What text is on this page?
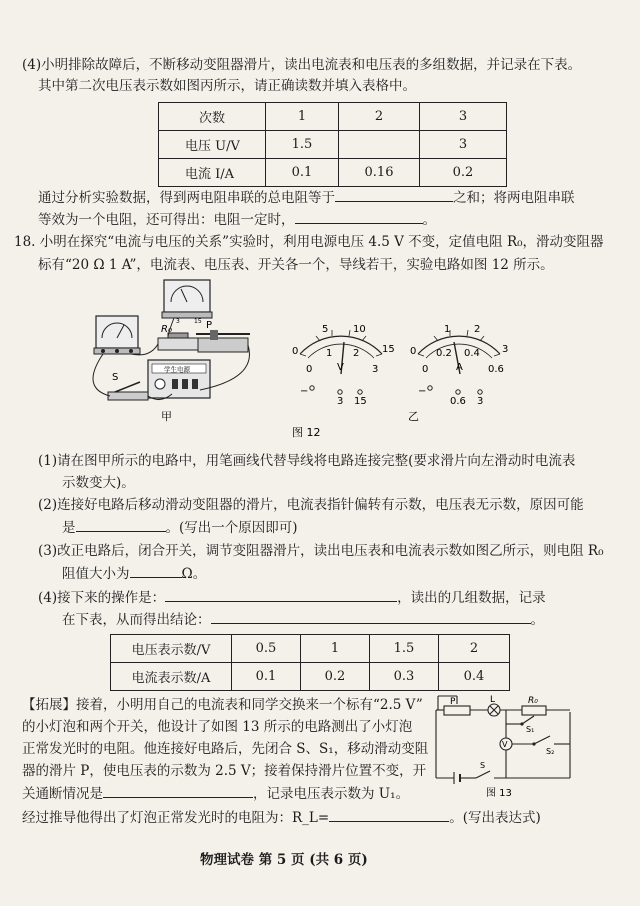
(4)小明排除故障后，不断移动变阻器滑片，读出电流表和电压表的多组数据，并记录在下表。
其中第二次电压表示数如图丙所示，请正确读数并填入表格中。
次数	1	2	3
电压 U/V	1.5		3
电流 I/A	0.1	0.16	0.2
通过分析实验数据，得到两电阻串联的总电阻等于	之和；将两电阻串联
等效为一个电阻，还可得出：电阻一定时，	。
18. 小明在探究“电流与电压的关系”实验时，利用电源电压 4.5 V 不变，定值电阻 R₀，滑动变阻器
标有“20 Ω 1 A”，电流表、电压表、开关各一个，导线若干，实验电路如图 12 所示。
3 15
R₀	P
学生电源
S
甲
0
5 10
15
0
1 2
3
V
−
3 15
0
1 2
3
0
0.2 0.4
0.6
A
−
0.6 3
乙
图 12
(1)请在图甲所示的电路中，用笔画线代替导线将电路连接完整(要求滑片向左滑动时电流表
示数变大)。
(2)连接好电路后移动滑动变阻器的滑片，电流表指针偏转有示数，电压表无示数，原因可能
是	。(写出一个原因即可)
(3)改正电路后，闭合开关，调节变阻器滑片，读出电压表和电流表示数如图乙所示，则电阻 R₀
阻值大小为	Ω。
(4)接下来的操作是：	，读出的几组数据，记录
在下表，从而得出结论：	。
电压表示数/V	0.5	1	1.5	2
电流表示数/A	0.1	0.2	0.3	0.4
【拓展】接着，小明用自己的电流表和同学交换来一个标有“2.5 V”
的小灯泡和两个开关，他设计了如图 13 所示的电路测出了小灯泡
正常发光时的电阻。他连接好电路后，先闭合 S、S₁，移动滑动变阻
器的滑片 P，使电压表的示数为 2.5 V；接着保持滑片位置不变，开
关通断情况是	，记录电压表示数为 U₁。
经过推导他得出了灯泡正常发光时的电阻为：R_L=	。(写出表达式)
P	L	R₀
S₁
S₂
S
V
图 13
物理试卷 第 5 页 (共 6 页)
